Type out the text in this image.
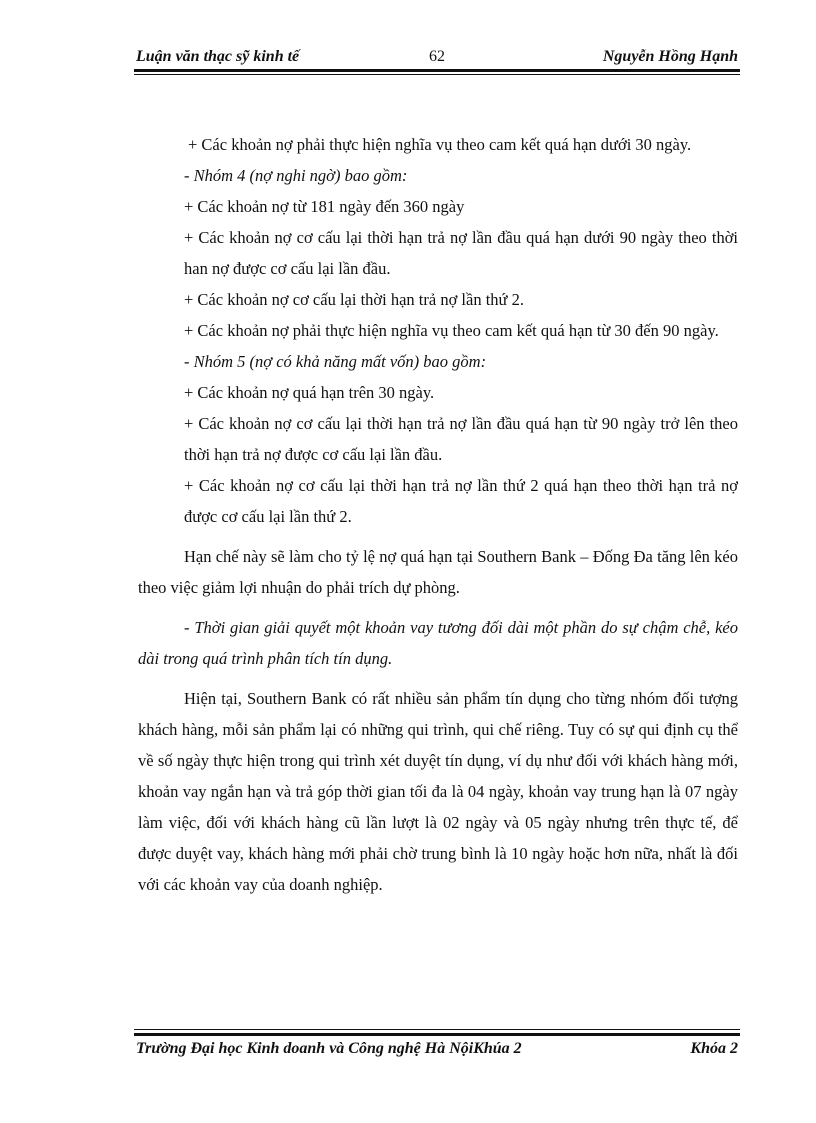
Luận văn thạc sỹ kinh tế	62	Nguyễn Hồng Hạnh

+ Các khoản nợ phải thực hiện nghĩa vụ theo cam kết quá hạn dưới 30 ngày.

- Nhóm 4 (nợ nghi ngờ) bao gồm:

+ Các khoản nợ từ 181 ngày đến 360 ngày

+ Các khoản nợ cơ cấu lại thời hạn trả nợ lần đầu quá hạn dưới 90 ngày theo thời han nợ được cơ cấu lại lần đầu.

+ Các khoản nợ cơ cấu lại thời hạn trả nợ lần thứ 2.

+ Các khoản nợ phải thực hiện nghĩa vụ theo cam kết quá hạn từ 30 đến 90 ngày.

- Nhóm 5 (nợ có khả năng mất vốn) bao gồm:

+ Các khoản nợ quá hạn trên 30 ngày.

+ Các khoản nợ cơ cấu lại thời hạn trả nợ lần đầu quá hạn từ 90 ngày trở lên theo thời hạn trả nợ được cơ cấu lại lần đầu.

+ Các khoản nợ cơ cấu lại thời hạn trả nợ lần thứ 2 quá hạn theo thời hạn trả nợ được cơ cấu lại lần thứ 2.

Hạn chế này sẽ làm cho tỷ lệ nợ quá hạn tại Southern Bank – Đống Đa tăng lên kéo theo việc giảm lợi nhuận do phải trích dự phòng.

- Thời gian giải quyết một khoản vay tương đối dài một phần do sự chậm chễ, kéo dài trong quá trình phân tích tín dụng.

Hiện tại, Southern Bank có rất nhiều sản phẩm tín dụng cho từng nhóm đối tượng khách hàng, mỗi sản phẩm lại có những qui trình, qui chế riêng. Tuy có sự qui định cụ thể về số ngày thực hiện trong qui trình xét duyệt tín dụng, ví dụ như đối với khách hàng mới, khoản vay ngắn hạn và trả góp thời gian tối đa là 04 ngày, khoản vay trung hạn là 07 ngày làm việc, đối với khách hàng cũ lần lượt là 02 ngày và 05 ngày nhưng trên thực tế, để được duyệt vay, khách hàng mới phải chờ trung bình là 10 ngày hoặc hơn nữa, nhất là đối với các khoản vay của doanh nghiệp.

Trường Đại học Kinh doanh và Công nghệ Hà NộiKhúa 2	Khóa 2
